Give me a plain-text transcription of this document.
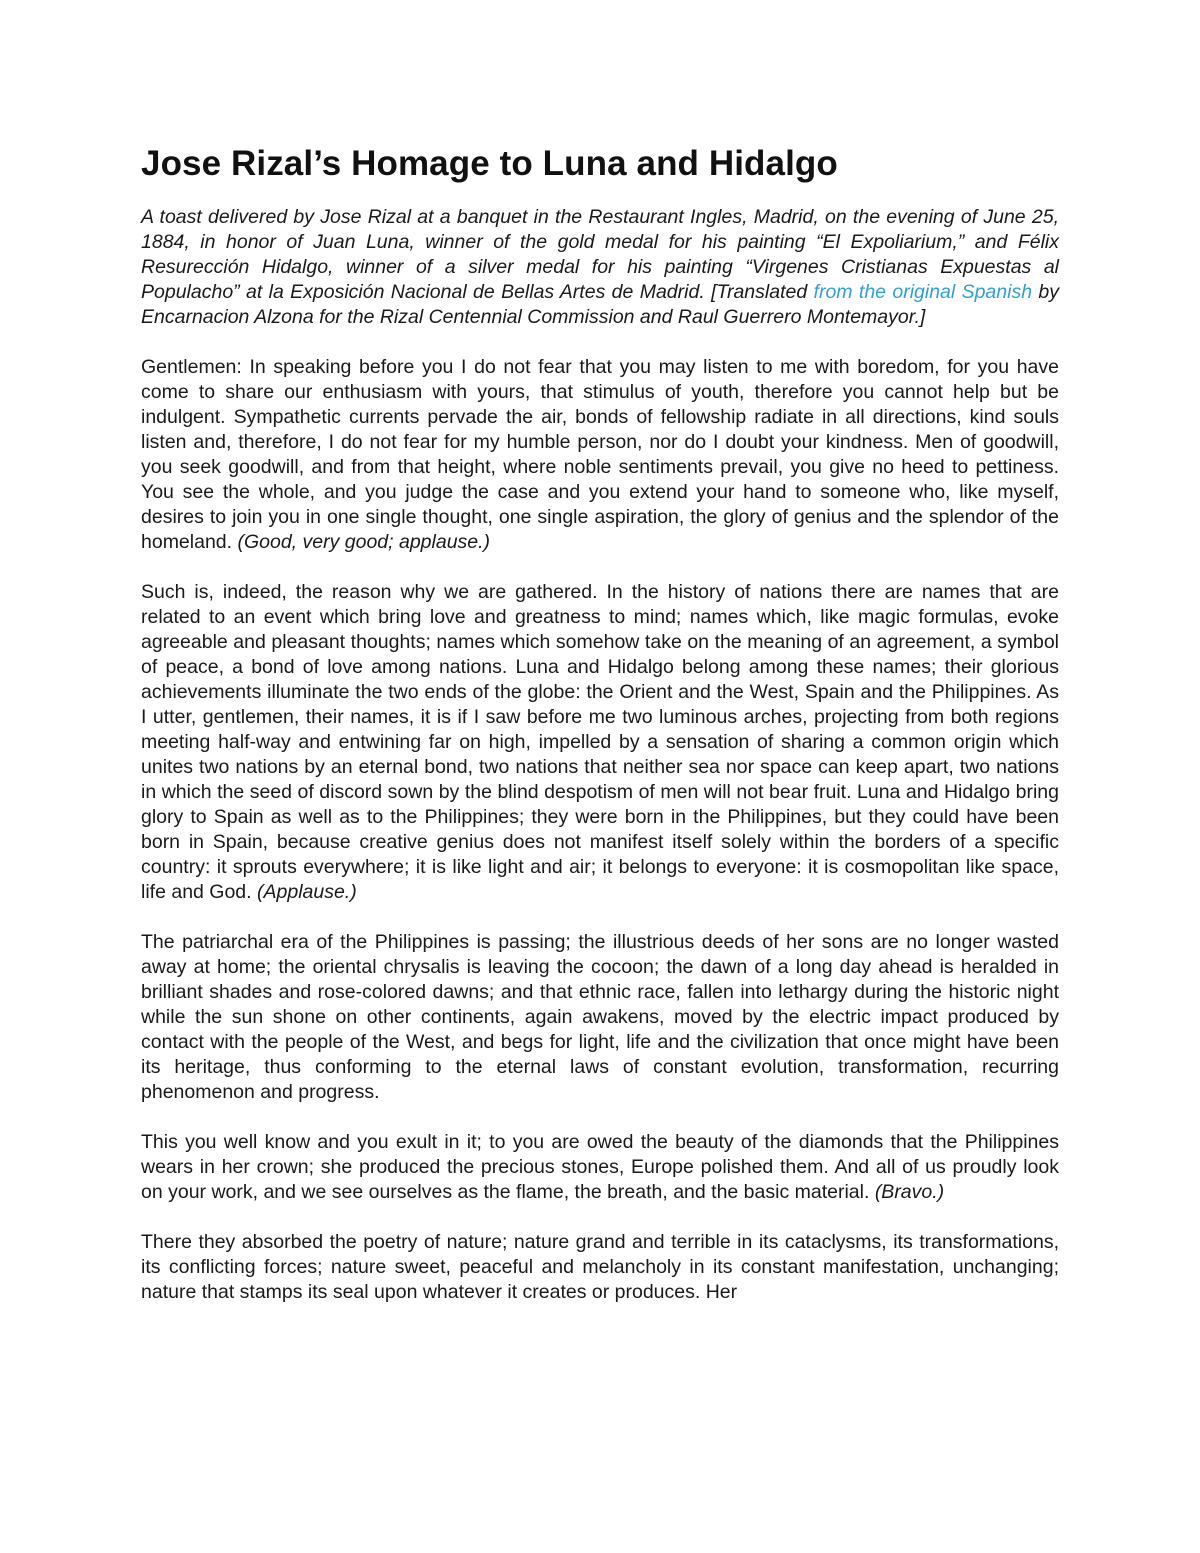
Jose Rizal’s Homage to Luna and Hidalgo

A toast delivered by Jose Rizal at a banquet in the Restaurant Ingles, Madrid, on the evening of June 25, 1884, in honor of Juan Luna, winner of the gold medal for his painting “El Expoliarium,” and Félix Resurección Hidalgo, winner of a silver medal for his painting “Virgenes Cristianas Expuestas al Populacho” at la Exposición Nacional de Bellas Artes de Madrid. [Translated from the original Spanish by Encarnacion Alzona for the Rizal Centennial Commission and Raul Guerrero Montemayor.]

Gentlemen: In speaking before you I do not fear that you may listen to me with boredom, for you have come to share our enthusiasm with yours, that stimulus of youth, therefore you cannot help but be indulgent. Sympathetic currents pervade the air, bonds of fellowship radiate in all directions, kind souls listen and, therefore, I do not fear for my humble person, nor do I doubt your kindness. Men of goodwill, you seek goodwill, and from that height, where noble sentiments prevail, you give no heed to pettiness. You see the whole, and you judge the case and you extend your hand to someone who, like myself, desires to join you in one single thought, one single aspiration, the glory of genius and the splendor of the homeland. (Good, very good; applause.)

Such is, indeed, the reason why we are gathered. In the history of nations there are names that are related to an event which bring love and greatness to mind; names which, like magic formulas, evoke agreeable and pleasant thoughts; names which somehow take on the meaning of an agreement, a symbol of peace, a bond of love among nations. Luna and Hidalgo belong among these names; their glorious achievements illuminate the two ends of the globe: the Orient and the West, Spain and the Philippines. As I utter, gentlemen, their names, it is if I saw before me two luminous arches, projecting from both regions meeting half-way and entwining far on high, impelled by a sensation of sharing a common origin which unites two nations by an eternal bond, two nations that neither sea nor space can keep apart, two nations in which the seed of discord sown by the blind despotism of men will not bear fruit. Luna and Hidalgo bring glory to Spain as well as to the Philippines; they were born in the Philippines, but they could have been born in Spain, because creative genius does not manifest itself solely within the borders of a specific country: it sprouts everywhere; it is like light and air; it belongs to everyone: it is cosmopolitan like space, life and God. (Applause.)

The patriarchal era of the Philippines is passing; the illustrious deeds of her sons are no longer wasted away at home; the oriental chrysalis is leaving the cocoon; the dawn of a long day ahead is heralded in brilliant shades and rose-colored dawns; and that ethnic race, fallen into lethargy during the historic night while the sun shone on other continents, again awakens, moved by the electric impact produced by contact with the people of the West, and begs for light, life and the civilization that once might have been its heritage, thus conforming to the eternal laws of constant evolution, transformation, recurring phenomenon and progress.

This you well know and you exult in it; to you are owed the beauty of the diamonds that the Philippines wears in her crown; she produced the precious stones, Europe polished them. And all of us proudly look on your work, and we see ourselves as the flame, the breath, and the basic material. (Bravo.)

There they absorbed the poetry of nature; nature grand and terrible in its cataclysms, its transformations, its conflicting forces; nature sweet, peaceful and melancholy in its constant manifestation, unchanging; nature that stamps its seal upon whatever it creates or produces. Her
